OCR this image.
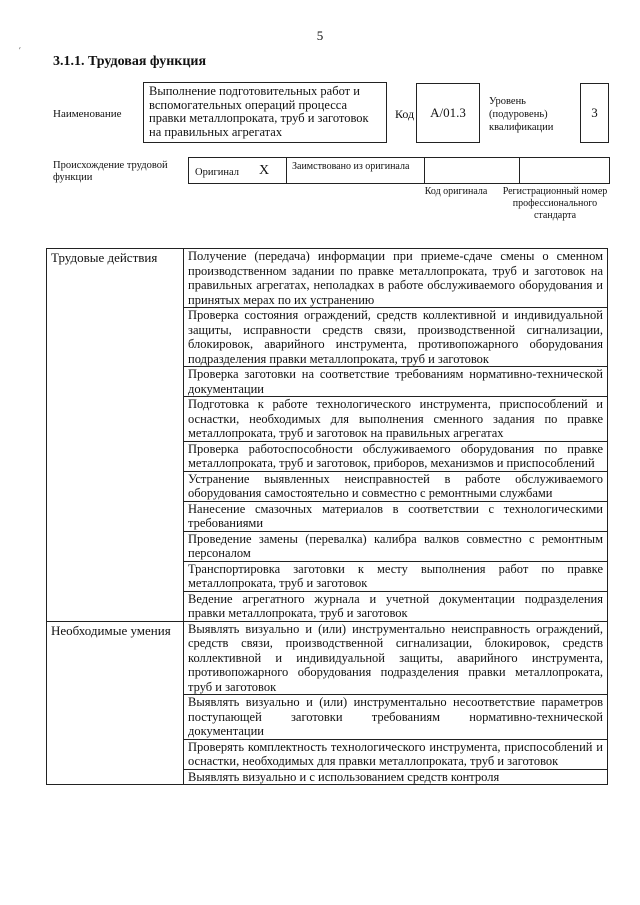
5
´
3.1.1. Трудовая функция
Наименование
Выполнение подготовительных работ и вспомогательных операций процесса правки металлопроката, труб и заготовок на правильных агрегатах
Код A/01.3
Уровень (подуровень) квалификации
3
Происхождение трудовой функции	Оригинал X Заимствовано из оригинала
Код оригинала Регистрационный номер профессионального стандарта
Трудовые действия	Получение (передача) информации при приеме-сдаче смены о сменном производственном задании по правке металлопроката, труб и заготовок на правильных агрегатах, неполадках в работе обслуживаемого оборудования и принятых мерах по их устранению
	Проверка состояния ограждений, средств коллективной и индивидуальной защиты, исправности средств связи, производственной сигнализации, блокировок, аварийного инструмента, противопожарного оборудования подразделения правки металлопроката, труб и заготовок
	Проверка заготовки на соответствие требованиям нормативно-технической документации
	Подготовка к работе технологического инструмента, приспособлений и оснастки, необходимых для выполнения сменного задания по правке металлопроката, труб и заготовок на правильных агрегатах
	Проверка работоспособности обслуживаемого оборудования по правке металлопроката, труб и заготовок, приборов, механизмов и приспособлений
	Устранение выявленных неисправностей в работе обслуживаемого оборудования самостоятельно и совместно с ремонтными службами
	Нанесение смазочных материалов в соответствии с технологическими требованиями
	Проведение замены (перевалка) калибра валков совместно с ремонтным персоналом
	Транспортировка заготовки к месту выполнения работ по правке металлопроката, труб и заготовок
	Ведение агрегатного журнала и учетной документации подразделения правки металлопроката, труб и заготовок
Необходимые умения	Выявлять визуально и (или) инструментально неисправность ограждений, средств связи, производственной сигнализации, блокировок, средств коллективной и индивидуальной защиты, аварийного инструмента, противопожарного оборудования подразделения правки металлопроката, труб и заготовок
	Выявлять визуально и (или) инструментально несоответствие параметров поступающей заготовки требованиям нормативно-технической документации
	Проверять комплектность технологического инструмента, приспособлений и оснастки, необходимых для правки металлопроката, труб и заготовок
	Выявлять визуально и с использованием средств контроля
